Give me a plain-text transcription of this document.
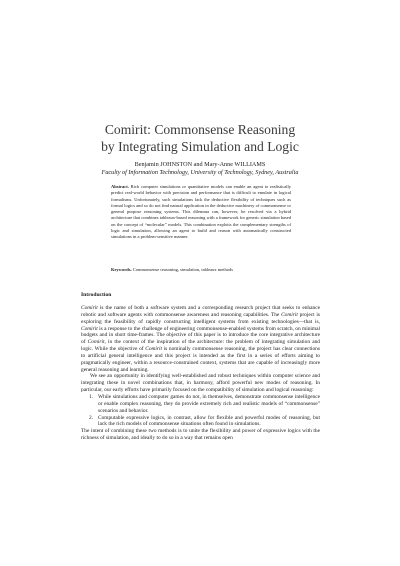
Comirit: Commonsense Reasoning
by Integrating Simulation and Logic
Benjamin JOHNSTON and Mary-Anne WILLIAMS
Faculty of Information Technology, University of Technology, Sydney, Australia

Abstract. Rich computer simulations or quantitative models can enable an agent to realistically predict real-world behavior with precision and performance that is difficult to emulate in logical formalisms. Unfortunately, such simulations lack the deductive flexibility of techniques such as formal logics and so do not find natural application in the deductive machinery of commonsense or general purpose reasoning systems. This dilemma can, however, be resolved via a hybrid architecture that combines tableaux-based reasoning with a framework for generic simulation based on the concept of “molecular” models. This combination exploits the complementary strengths of logic and simulation, allowing an agent to build and reason with automatically constructed simulations in a problem-sensitive manner.

Keywords. Commonsense reasoning, simulation, tableaux methods

Introduction

Comirit is the name of both a software system and a corresponding research project that seeks to enhance robotic and software agents with commonsense awareness and reasoning capabilities. The Comirit project is exploring the feasibility of rapidly constructing intelligent systems from existing technologies—that is, Comirit is a response to the challenge of engineering commonsense-enabled systems from scratch, on minimal budgets and in short time-frames. The objective of this paper is to introduce the core integrative architecture of Comirit, in the context of the inspiration of the architecture: the problem of integrating simulation and logic. While the objective of Comirit is nominally commonsense reasoning, the project has clear connections to artificial general intelligence and this project is intended as the first in a series of efforts aiming to pragmatically engineer, within a resource-constrained context, systems that are capable of increasingly more general reasoning and learning.

We see an opportunity in identifying well-established and robust techniques within computer science and integrating these in novel combinations that, in harmony, afford powerful new modes of reasoning. In particular, our early efforts have primarily focused on the compatibility of simulation and logical reasoning:

1. While simulations and computer games do not, in themselves, demonstrate commonsense intelligence or enable complex reasoning, they do provide extremely rich and realistic models of “commonsense” scenarios and behavior.
2. Computable expressive logics, in contrast, allow for flexible and powerful modes of reasoning, but lack the rich models of commonsense situations often found in simulations.

The intent of combining these two methods is to unite the flexibility and power of expressive logics with the richness of simulation, and ideally to do so in a way that remains open
